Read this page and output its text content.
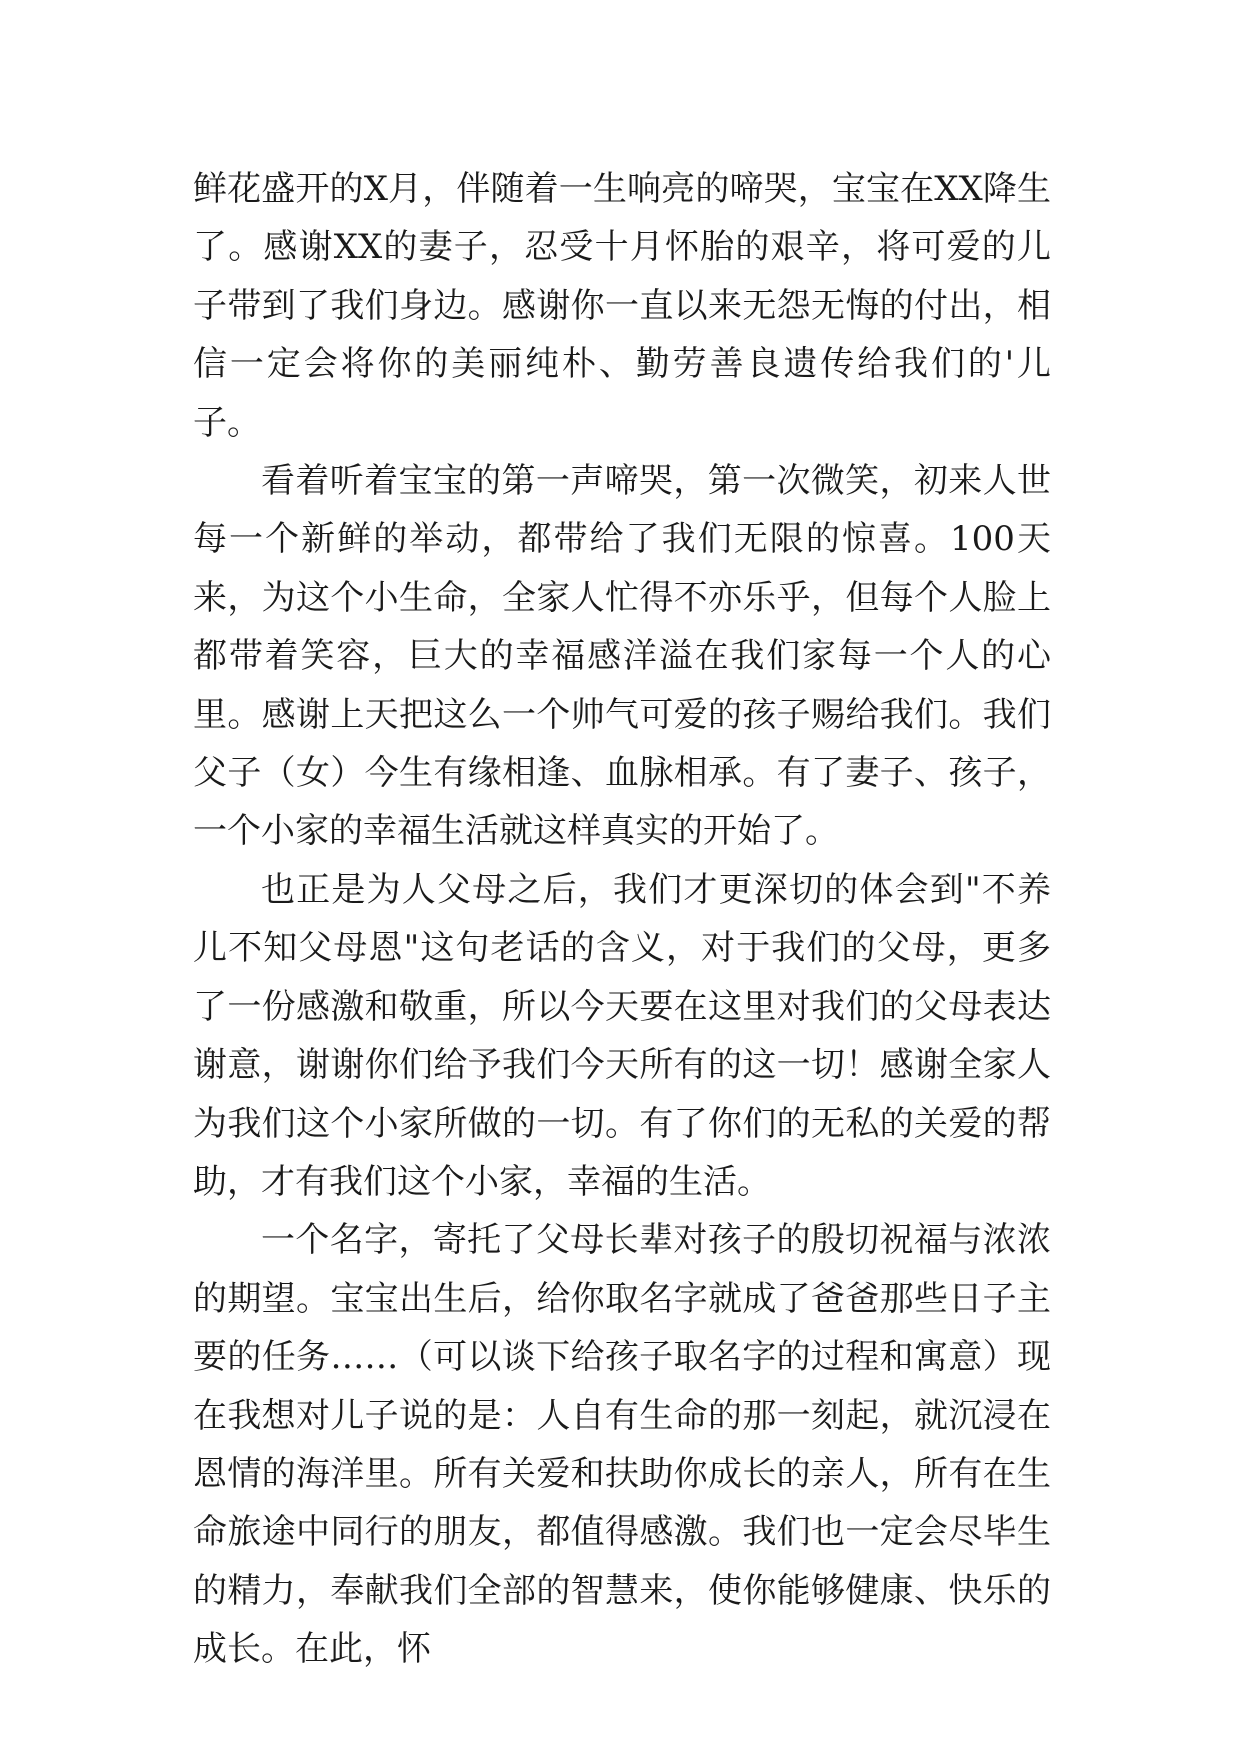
鲜花盛开的X月，伴随着一生响亮的啼哭，宝宝在XX降生了。感谢XX的妻子，忍受十月怀胎的艰辛，将可爱的儿子带到了我们身边。感谢你一直以来无怨无悔的付出，相信一定会将你的美丽纯朴、勤劳善良遗传给我们的'儿子。

看着听着宝宝的第一声啼哭，第一次微笑，初来人世每一个新鲜的举动，都带给了我们无限的惊喜。100天来，为这个小生命，全家人忙得不亦乐乎，但每个人脸上都带着笑容，巨大的幸福感洋溢在我们家每一个人的心里。感谢上天把这么一个帅气可爱的孩子赐给我们。我们父子（女）今生有缘相逢、血脉相承。有了妻子、孩子，一个小家的幸福生活就这样真实的开始了。

也正是为人父母之后，我们才更深切的体会到"不养儿不知父母恩"这句老话的含义，对于我们的父母，更多了一份感激和敬重，所以今天要在这里对我们的父母表达谢意，谢谢你们给予我们今天所有的这一切！感谢全家人为我们这个小家所做的一切。有了你们的无私的关爱的帮助，才有我们这个小家，幸福的生活。

一个名字，寄托了父母长辈对孩子的殷切祝福与浓浓的期望。宝宝出生后，给你取名字就成了爸爸那些日子主要的任务……（可以谈下给孩子取名字的过程和寓意）现在我想对儿子说的是：人自有生命的那一刻起，就沉浸在恩情的海洋里。所有关爱和扶助你成长的亲人，所有在生命旅途中同行的朋友，都值得感激。我们也一定会尽毕生的精力，奉献我们全部的智慧来，使你能够健康、快乐的成长。在此，怀
